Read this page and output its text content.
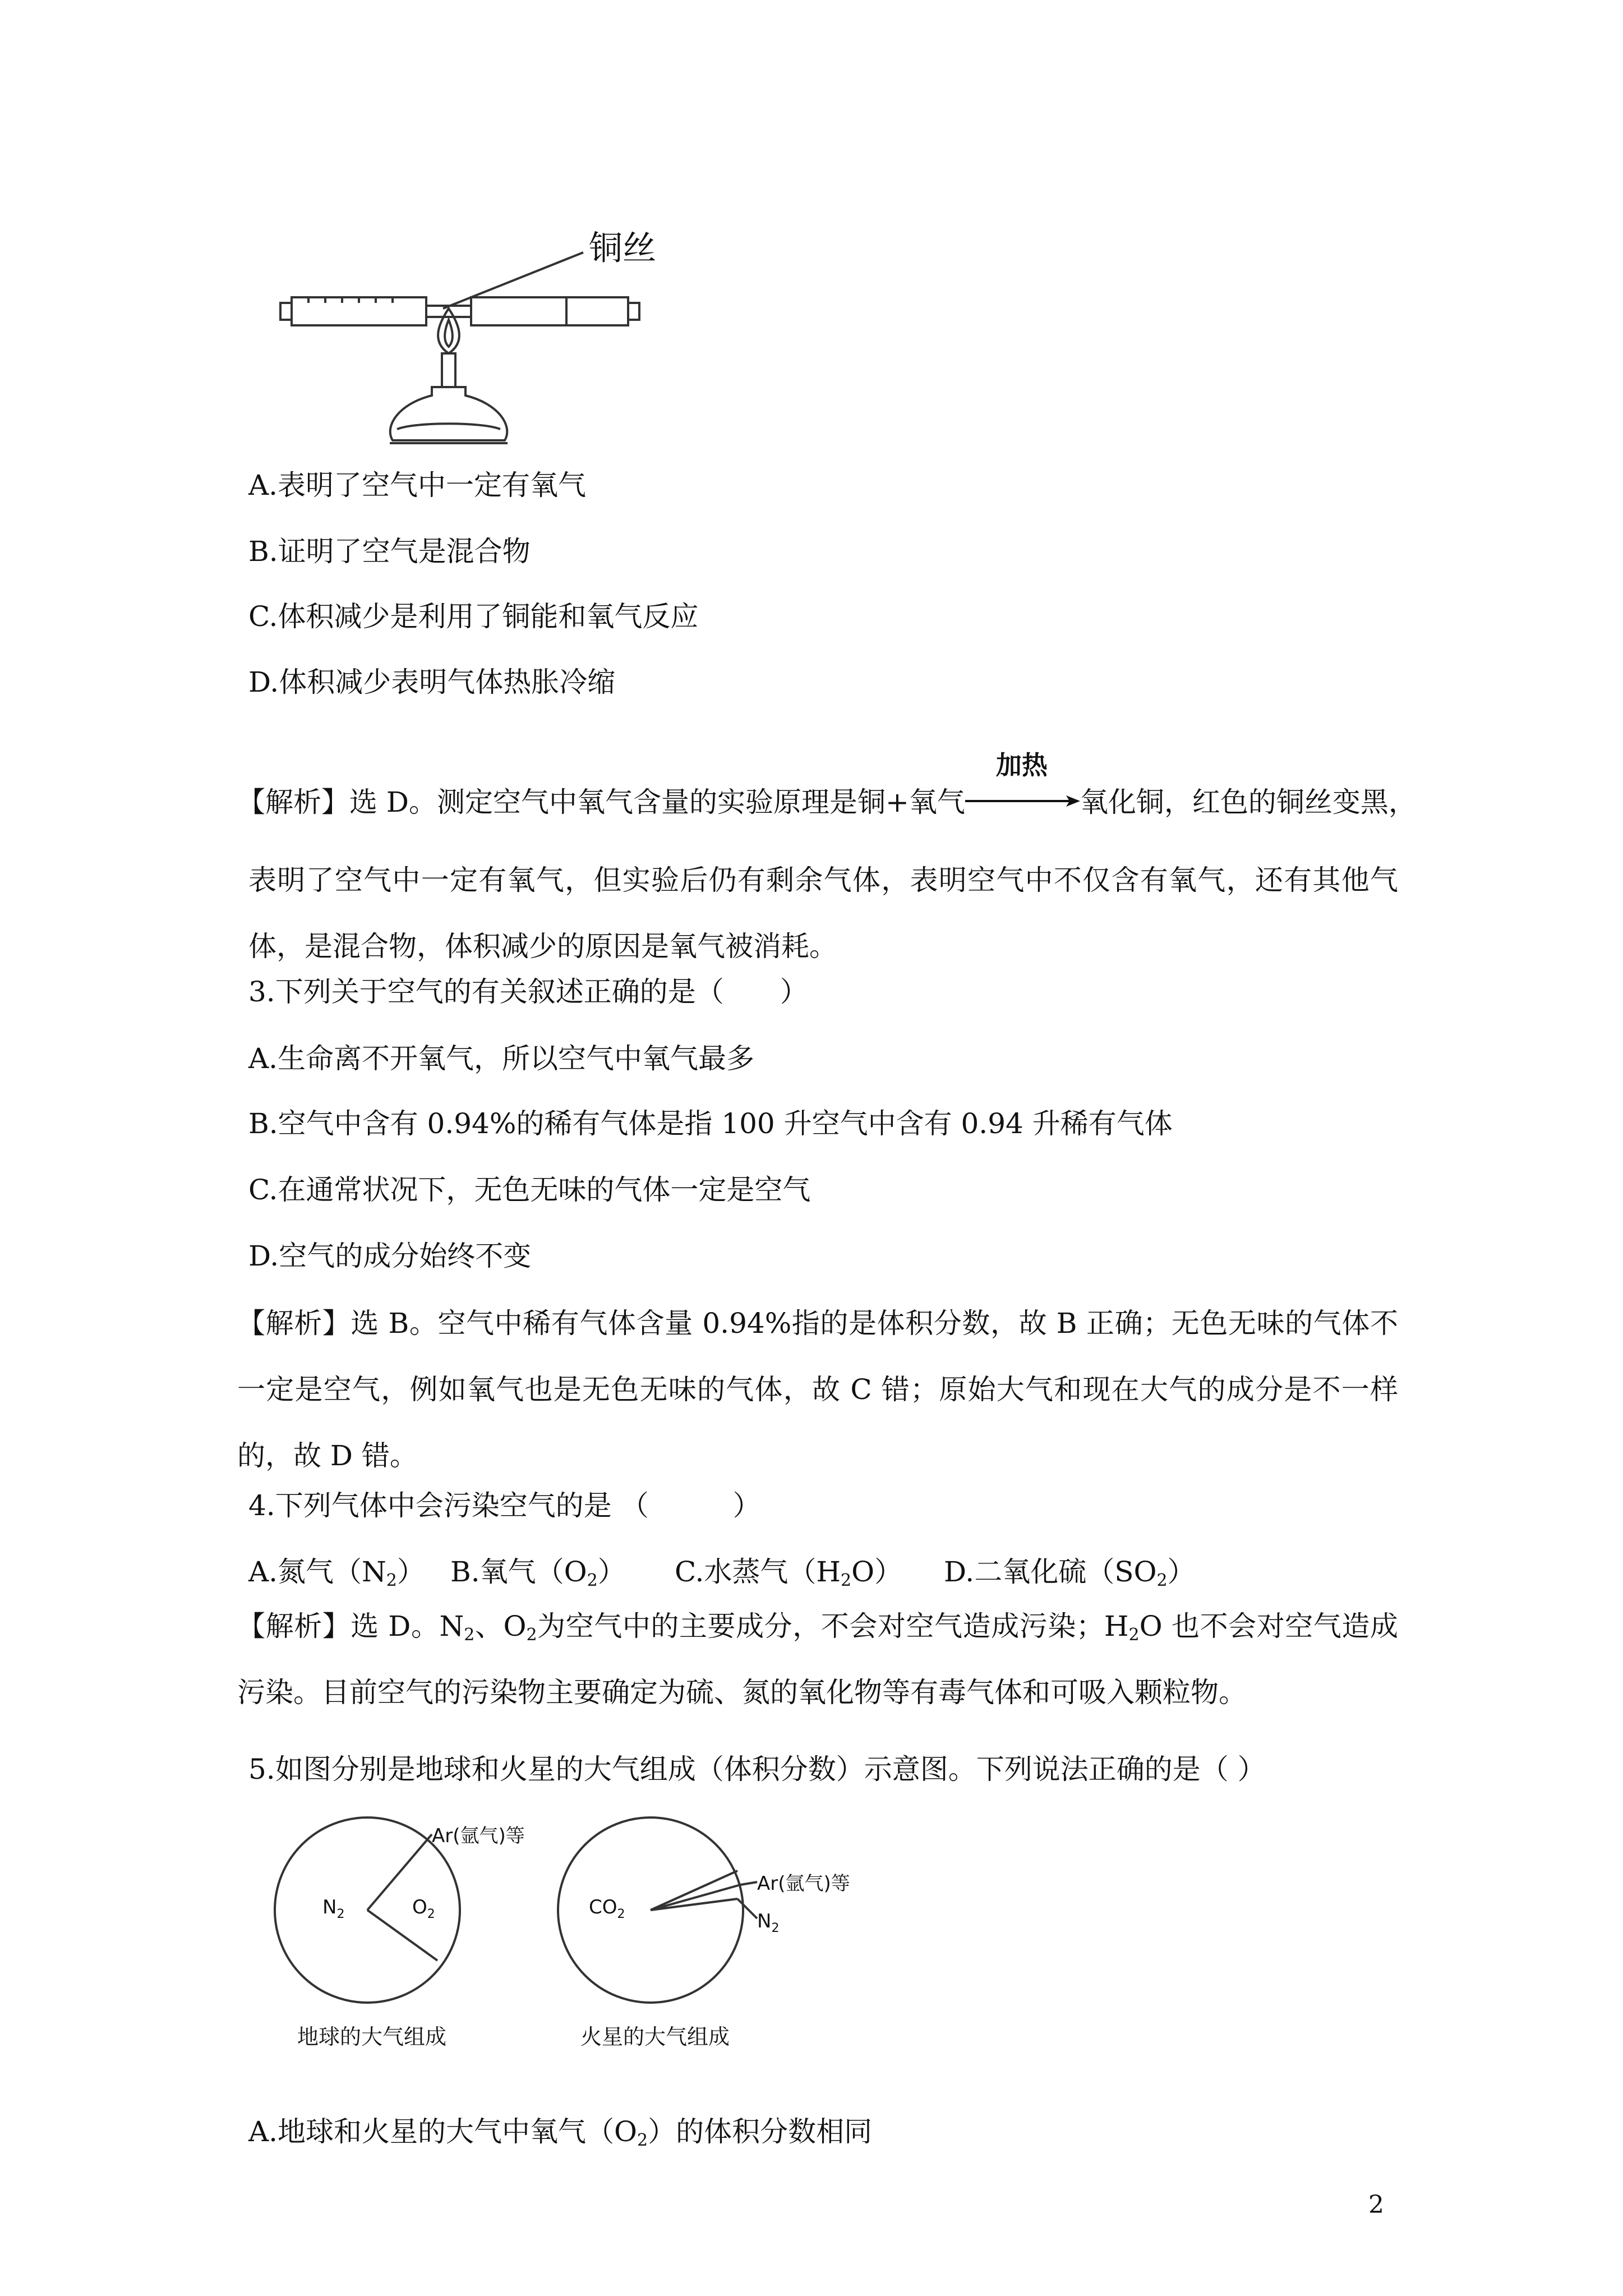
铜丝
A.表明了空气中一定有氧气
B.证明了空气是混合物
C.体积减少是利用了铜能和氧气反应
D.体积减少表明气体热胀冷缩
【解析】选 D。测定空气中氧气含量的实验原理是铜+氧气
加热
氧化铜，红色的铜丝变黑，
表明了空气中一定有氧气，但实验后仍有剩余气体，表明空气中不仅含有氧气，还有其他气体，是混合物，体积减少的原因是氧气被消耗。
3.下列关于空气的有关叙述正确的是（　　）
A.生命离不开氧气，所以空气中氧气最多
B.空气中含有 0.94%的稀有气体是指 100 升空气中含有 0.94 升稀有气体
C.在通常状况下，无色无味的气体一定是空气
D.空气的成分始终不变
【解析】选 B。空气中稀有气体含量 0.94%指的是体积分数，故 B 正确；无色无味的气体不一定是空气，例如氧气也是无色无味的气体，故 C 错；原始大气和现在大气的成分是不一样的，故 D 错。
4.下列气体中会污染空气的是 （　　　）
A.氮气$(N_2)$ B.氧气$(O_2)$ C.水蒸气$(H_2O)$ D.二氧化硫$(SO_2)$
【解析】选 D。$N_2$、$O_2$为空气中的主要成分，不会对空气造成污染；$H_2O$ 也不会对空气造成污染。目前空气的污染物主要确定为硫、氮的氧化物等有毒气体和可吸入颗粒物。
5.如图分别是地球和火星的大气组成（体积分数）示意图。下列说法正确的是（ ）
$N_2$	$O_2$
Ar(氩气)等
地球的大气组成
$CO_2$
Ar(氩气)等
$N_2$
火星的大气组成
A.地球和火星的大气中氧气$(O_2)$的体积分数相同
2
